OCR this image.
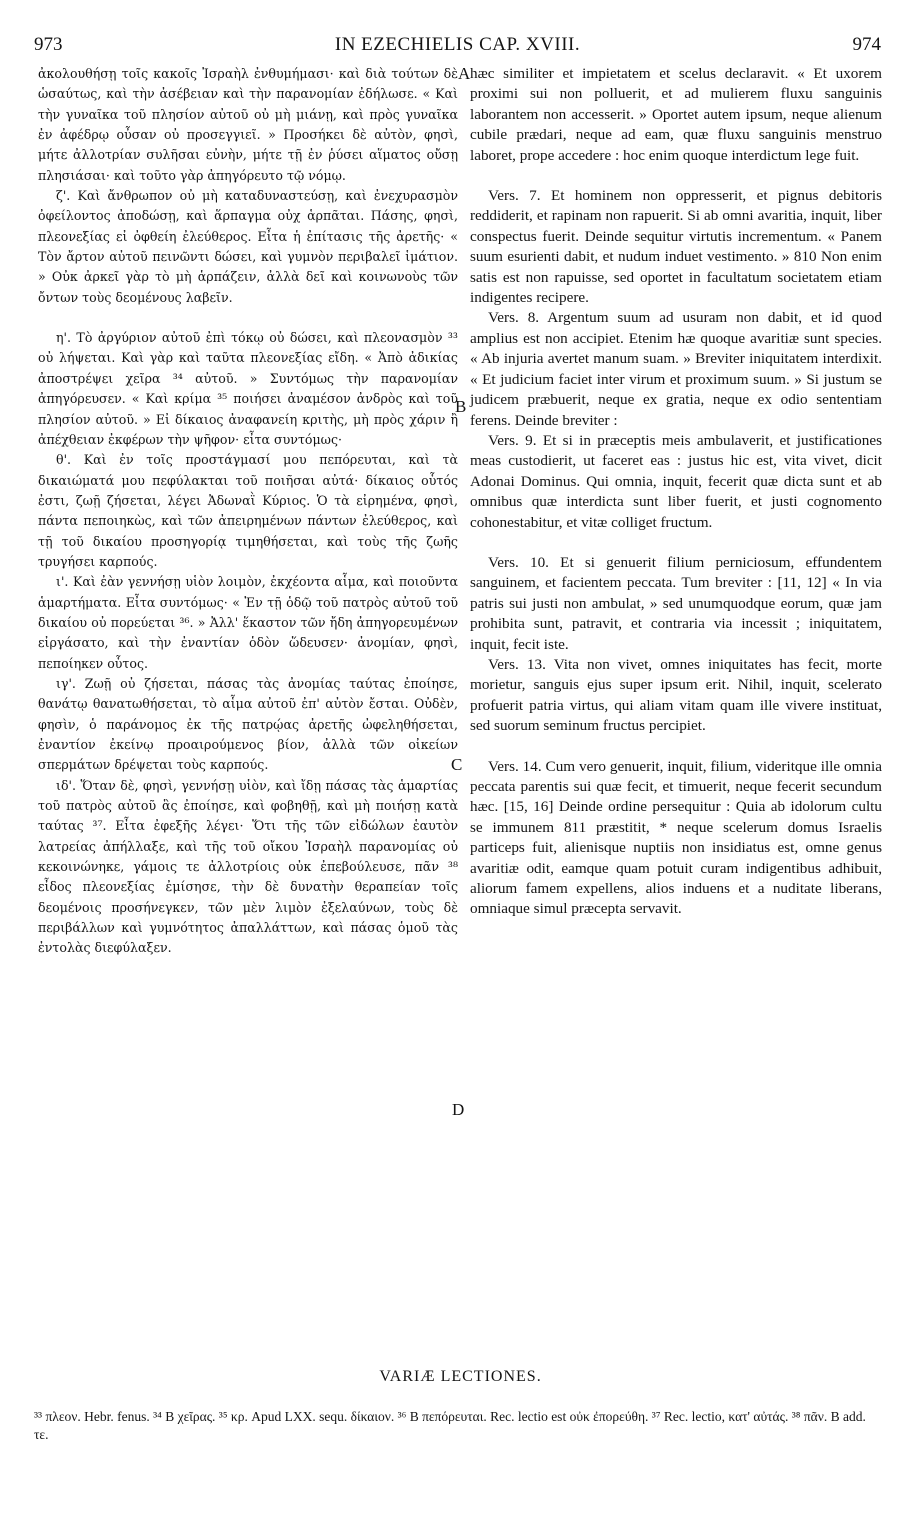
973	IN EZECHIELIS CAP. XVIII.	974

ἀκολουθήσῃ τοῖς κακοῖς Ἰσραὴλ ἐνθυμήμασι· καὶ διὰ τούτων δὲ ὡσαύτως, καὶ τὴν ἀσέβειαν καὶ τὴν παρανομίαν ἐδήλωσε. « Καὶ τὴν γυναῖκα τοῦ πλησίον αὐτοῦ οὐ μὴ μιάνῃ, καὶ πρὸς γυναῖκα ἐν ἀφέδρῳ οὖσαν οὐ προσεγγιεῖ. » Προσήκει δὲ αὐτὸν, φησὶ, μήτε ἀλλοτρίαν συλῆσαι εὐνὴν, μήτε τῇ ἐν ῥύσει αἵματος οὔσῃ πλησιάσαι· καὶ τοῦτο γὰρ ἀπηγόρευτο τῷ νόμῳ.

ζ'. Καὶ ἄνθρωπον οὐ μὴ καταδυναστεύσῃ, καὶ ἐνεχυρασμὸν ὀφείλοντος ἀποδώσῃ, καὶ ἅρπαγμα οὐχ ἁρπᾶται. Πάσης, φησὶ, πλεονεξίας εἰ ὀφθείη ἐλεύθερος. Εἶτα ἡ ἐπίτασις τῆς ἀρετῆς· « Τὸν ἄρτον αὐτοῦ πεινῶντι δώσει, καὶ γυμνὸν περιβαλεῖ ἱμάτιον. » Οὐκ ἀρκεῖ γὰρ τὸ μὴ ἁρπάζειν, ἀλλὰ δεῖ καὶ κοινωνοὺς τῶν ὄντων τοὺς δεομένους λαβεῖν.

η'. Τὸ ἀργύριον αὐτοῦ ἐπὶ τόκῳ οὐ δώσει, καὶ πλεονασμὸν ³³ οὐ λήψεται. Καὶ γὰρ καὶ ταῦτα πλεονεξίας εἴδη. « Ἀπὸ ἀδικίας ἀποστρέψει χεῖρα ³⁴ αὐτοῦ. » Συντόμως τὴν παρανομίαν ἀπηγόρευσεν. « Καὶ κρίμα ³⁵ ποιήσει ἀναμέσον ἀνδρὸς καὶ τοῦ πλησίον αὐτοῦ. » Εἰ δίκαιος ἀναφανείη κριτὴς, μὴ πρὸς χάριν ἢ ἀπέχθειαν ἐκφέρων τὴν ψῆφον· εἶτα συντόμως·

θ'. Καὶ ἐν τοῖς προστάγμασί μου πεπόρευται, καὶ τὰ δικαιώματά μου πεφύλακται τοῦ ποιῆσαι αὐτά· δίκαιος οὗτός ἐστι, ζωῇ ζήσεται, λέγει Ἀδωναῒ Κύριος. Ὁ τὰ εἰρημένα, φησὶ, πάντα πεποιηκὼς, καὶ τῶν ἀπειρημένων πάντων ἐλεύθερος, καὶ τῇ τοῦ δικαίου προσηγορίᾳ τιμηθήσεται, καὶ τοὺς τῆς ζωῆς τρυγήσει καρπούς.

ι'. Καὶ ἐὰν γεννήσῃ υἱὸν λοιμὸν, ἐκχέοντα αἷμα, καὶ ποιοῦντα ἁμαρτήματα. Εἶτα συντόμως· « Ἐν τῇ ὁδῷ τοῦ πατρὸς αὐτοῦ τοῦ δικαίου οὐ πορεύεται ³⁶. » Ἀλλ' ἕκαστον τῶν ἤδη ἀπηγορευμένων εἰργάσατο, καὶ τὴν ἐναντίαν ὁδὸν ὥδευσεν· ἀνομίαν, φησὶ, πεποίηκεν οὗτος.

ιγ'. Ζωῇ οὐ ζήσεται, πάσας τὰς ἀνομίας ταύτας ἐποίησε, θανάτῳ θανατωθήσεται, τὸ αἷμα αὐτοῦ ἐπ' αὐτὸν ἔσται. Οὐδὲν, φησὶν, ὁ παράνομος ἐκ τῆς πατρῴας ἀρετῆς ὠφεληθήσεται, ἐναντίον ἐκείνῳ προαιρούμενος βίον, ἀλλὰ τῶν οἰκείων σπερμάτων δρέψεται τοὺς καρπούς.

ιδ'. Ὅταν δὲ, φησὶ, γεννήσῃ υἱὸν, καὶ ἴδῃ πάσας τὰς ἁμαρτίας τοῦ πατρὸς αὐτοῦ ἃς ἐποίησε, καὶ φοβηθῇ, καὶ μὴ ποιήσῃ κατὰ ταύτας ³⁷. Εἶτα ἐφεξῆς λέγει· Ὅτι τῆς τῶν εἰδώλων ἑαυτὸν λατρείας ἀπήλλαξε, καὶ τῆς τοῦ οἴκου Ἰσραὴλ παρανομίας οὐ κεκοινώνηκε, γάμοις τε ἀλλοτρίοις οὐκ ἐπεβούλευσε, πᾶν ³⁸ εἶδος πλεονεξίας ἐμίσησε, τὴν δὲ δυνατὴν θεραπείαν τοῖς δεομένοις προσήνεγκεν, τῶν μὲν λιμὸν ἐξελαύνων, τοὺς δὲ περιβάλλων καὶ γυμνότητος ἀπαλλάττων, καὶ πάσας ὁμοῦ τὰς ἐντολὰς διεφύλαξεν.

A
B
C
D

hæc similiter et impietatem et scelus declaravit. « Et uxorem proximi sui non polluerit, et ad mulierem fluxu sanguinis laborantem non accesserit. » Oportet autem ipsum, neque alienum cubile prædari, neque ad eam, quæ fluxu sanguinis menstruo laboret, prope accedere : hoc enim quoque interdictum lege fuit.

Vers. 7. Et hominem non oppresserit, et pignus debitoris reddiderit, et rapinam non rapuerit. Si ab omni avaritia, inquit, liber conspectus fuerit. Deinde sequitur virtutis incrementum. « Panem suum esurienti dabit, et nudum induet vestimento. » 810 Non enim satis est non rapuisse, sed oportet in facultatum societatem etiam indigentes recipere.

Vers. 8. Argentum suum ad usuram non dabit, et id quod amplius est non accipiet. Etenim hæ quoque avaritiæ sunt species. « Ab injuria avertet manum suam. » Breviter iniquitatem interdixit. « Et judicium faciet inter virum et proximum suum. » Si justum se judicem præbuerit, neque ex gratia, neque ex odio sententiam ferens. Deinde breviter :

Vers. 9. Et si in præceptis meis ambulaverit, et justificationes meas custodierit, ut faceret eas : justus hic est, vita vivet, dicit Adonai Dominus. Qui omnia, inquit, fecerit quæ dicta sunt et ab omnibus quæ interdicta sunt liber fuerit, et justi cognomento cohonestabitur, et vitæ colliget fructum.

Vers. 10. Et si genuerit filium perniciosum, effundentem sanguinem, et facientem peccata. Tum breviter : [11, 12] « In via patris sui justi non ambulat, » sed unumquodque eorum, quæ jam prohibita sunt, patravit, et contraria via incessit ; iniquitatem, inquit, fecit iste.

Vers. 13. Vita non vivet, omnes iniquitates has fecit, morte morietur, sanguis ejus super ipsum erit. Nihil, inquit, scelerato profuerit patria virtus, qui aliam vitam quam ille vivere instituat, sed suorum seminum fructus percipiet.

Vers. 14. Cum vero genuerit, inquit, filium, videritque ille omnia peccata parentis sui quæ fecit, et timuerit, neque fecerit secundum hæc. [15, 16] Deinde ordine persequitur : Quia ab idolorum cultu se immunem 811 præstitit, * neque scelerum domus Israelis particeps fuit, alienisque nuptiis non insidiatus est, omne genus avaritiæ odit, eamque quam potuit curam indigentibus adhibuit, aliorum famem expellens, alios induens et a nuditate liberans, omniaque simul præcepta servavit.

VARIÆ LECTIONES.
³³ πλεον. Hebr. fenus. ³⁴ B χεῖρας. ³⁵ κρ. Apud LXX. sequ. δίκαιον. ³⁶ B πεπόρευται. Rec. lectio est οὐκ ἐπορεύθη. ³⁷ Rec. lectio, κατ' αὐτάς. ³⁸ πᾶν. B add. τε.
